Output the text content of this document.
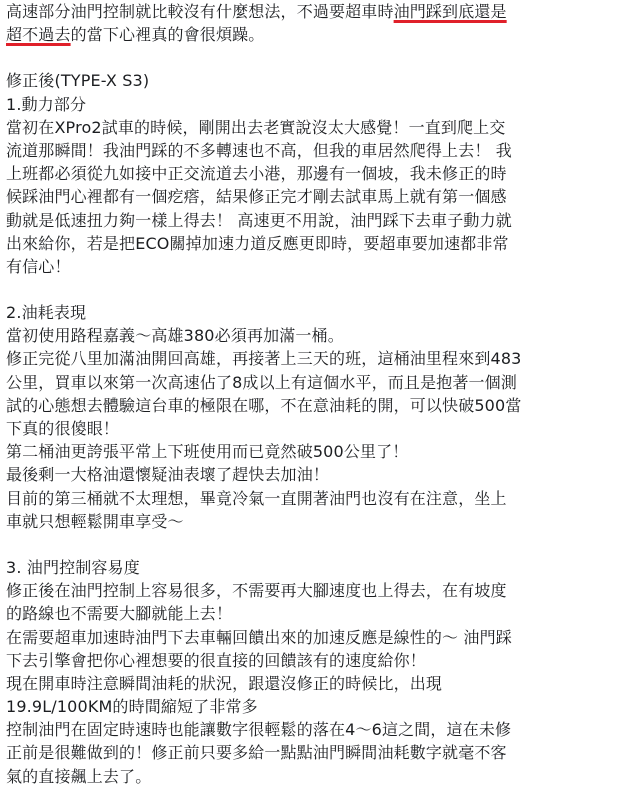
高速部分油門控制就比較沒有什麼想法，不過要超車時油門踩到底還是
超不過去的當下心裡真的會很煩躁。
修正後(TYPE-X S3)
1.動力部分
當初在XPro2試車的時候，剛開出去老實說沒太大感覺！一直到爬上交
流道那瞬間！我油門踩的不多轉速也不高，但我的車居然爬得上去！ 我
上班都必須從九如接中正交流道去小港，那邊有一個坡，我未修正的時
候踩油門心裡都有一個疙瘩，結果修正完才剛去試車馬上就有第一個感
動就是低速扭力夠一樣上得去！ 高速更不用說，油門踩下去車子動力就
出來給你，若是把ECO關掉加速力道反應更即時，要超車要加速都非常
有信心！
2.油耗表現
當初使用路程嘉義～高雄380必須再加滿一桶。
修正完從八里加滿油開回高雄，再接著上三天的班，這桶油里程來到483
公里，買車以來第一次高速佔了8成以上有這個水平，而且是抱著一個測
試的心態想去體驗這台車的極限在哪，不在意油耗的開，可以快破500當
下真的很傻眼！
第二桶油更誇張平常上下班使用而已竟然破500公里了！
最後剩一大格油還懷疑油表壞了趕快去加油！
目前的第三桶就不太理想，畢竟冷氣一直開著油門也沒有在注意，坐上
車就只想輕鬆開車享受～
3. 油門控制容易度
修正後在油門控制上容易很多，不需要再大腳速度也上得去，在有坡度
的路線也不需要大腳就能上去！
在需要超車加速時油門下去車輛回饋出來的加速反應是線性的～ 油門踩
下去引擎會把你心裡想要的很直接的回饋該有的速度給你！
現在開車時注意瞬間油耗的狀況，跟還沒修正的時候比，出現
19.9L/100KM的時間縮短了非常多
控制油門在固定時速時也能讓數字很輕鬆的落在4～6這之間，這在未修
正前是很難做到的！修正前只要多給一點點油門瞬間油耗數字就毫不客
氣的直接飆上去了。
